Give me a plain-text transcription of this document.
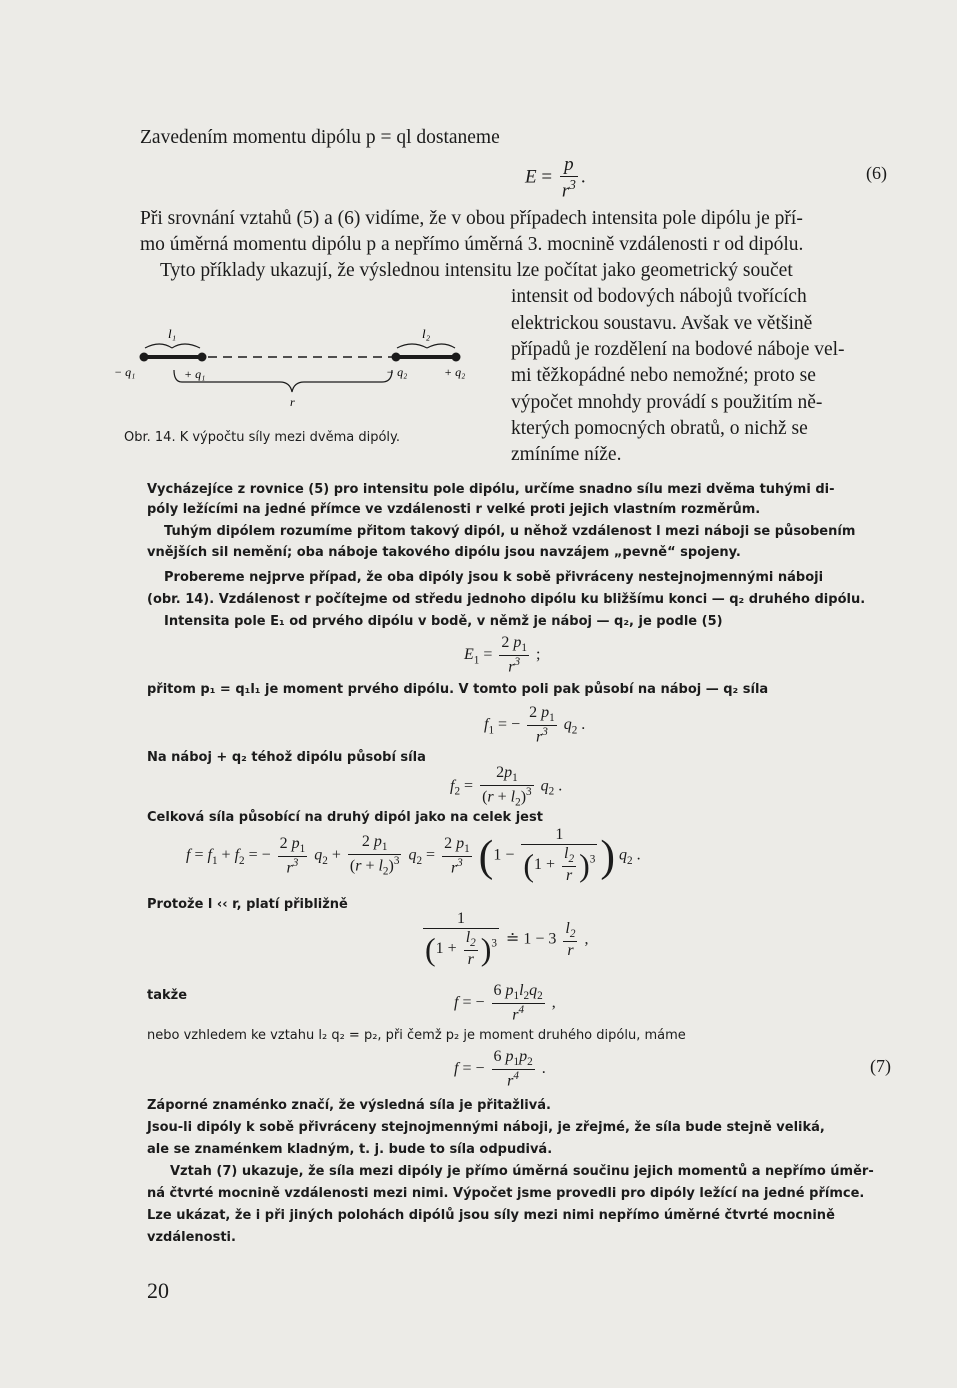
Zavedením momentu dipólu p = ql dostaneme
$E = \frac{p}{r^3}$ .	(6)
Při srovnání vztahů (5) a (6) vidíme, že v obou případech intensita pole dipólu je pří-
mo úměrná momentu dipólu p a nepřímo úměrná 3. mocnině vzdálenosti r od dipólu.
Tyto příklady ukazují, že výslednou intensitu lze počítat jako geometrický součet
intensit od bodových nábojů tvořících
elektrickou soustavu. Avšak ve většině
případů je rozdělení na bodové náboje vel-
mi těžkopádné nebo nemožné; proto se
výpočet mnohdy provádí s použitím ně-
kterých pomocných obratů, o nichž se
zmíníme níže.
l₁	l₂
− q₁	+ q₁	− q₂	+ q₂
r
Obr. 14. K výpočtu síly mezi dvěma dipóly.
Vycházejíce z rovnice (5) pro intensitu pole dipólu, určíme snadno sílu mezi dvěma tuhými di-
póly ležícími na jedné přímce ve vzdálenosti r velké proti jejich vlastním rozměrům.
Tuhým dipólem rozumíme přitom takový dipól, u něhož vzdálenost l mezi náboji se působením
vnějších sil nemění; oba náboje takového dipólu jsou navzájem „pevně“ spojeny.
Probereme nejprve případ, že oba dipóly jsou k sobě přivráceny nestejnojmennými náboji
(obr. 14). Vzdálenost r počítejme od středu jednoho dipólu ku bližšímu konci — q₂ druhého dipólu.
Intensita pole E₁ od prvého dipólu v bodě, v němž je náboj — q₂, je podle (5)
$E_1 = \frac{2 p_1}{r^3}$ ;
přitom p₁ = q₁l₁ je moment prvého dipólu. V tomto poli pak působí na náboj — q₂ síla
$f_1$ = − $\frac{2 p_1}{r^3} q_2$ .
Na náboj + q₂ téhož dipólu působí síla
$f_2 = \frac{2p_1}{(r + l_2)^3} q_2$ .
Celková síla působící na druhý dipól jako na celek jest
$f = f_1 + f_2$ = − $\frac{2 p_1}{r^3} q_2 + \frac{2 p_1}{(r + l_2)^3} q_2 = \frac{2 p_1}{r^3} (1 - \frac{1}{(1 + \frac{l_2}{r} )^3}$ ) $q_2$ .
Protože l ‹‹ r, platí přibližně
$\frac{1}{(1 + \frac{l_2}{r} )^3}$ ≐ $1 - 3 \frac{l_2}{r}$ ,
takže	f = − $\frac{6 p_1l_2q_2}{r^4}$ ,
nebo vzhledem ke vztahu l₂ q₂ = p₂, při čemž p₂ je moment druhého dipólu, máme
f = − $\frac{6 p_1p_2}{r^4}$ .	(7)
Záporné znaménko značí, že výsledná síla je přitažlivá.
Jsou-li dipóly k sobě přivráceny stejnojmennými náboji, je zřejmé, že síla bude stejně veliká,
ale se znaménkem kladným, t. j. bude to síla odpudivá.
Vztah (7) ukazuje, že síla mezi dipóly je přímo úměrná součinu jejich momentů a nepřímo úměr-
ná čtvrté mocnině vzdálenosti mezi nimi. Výpočet jsme provedli pro dipóly ležící na jedné přímce.
Lze ukázat, že i při jiných polohách dipólů jsou síly mezi nimi nepřímo úměrné čtvrté mocnině
vzdálenosti.
20
